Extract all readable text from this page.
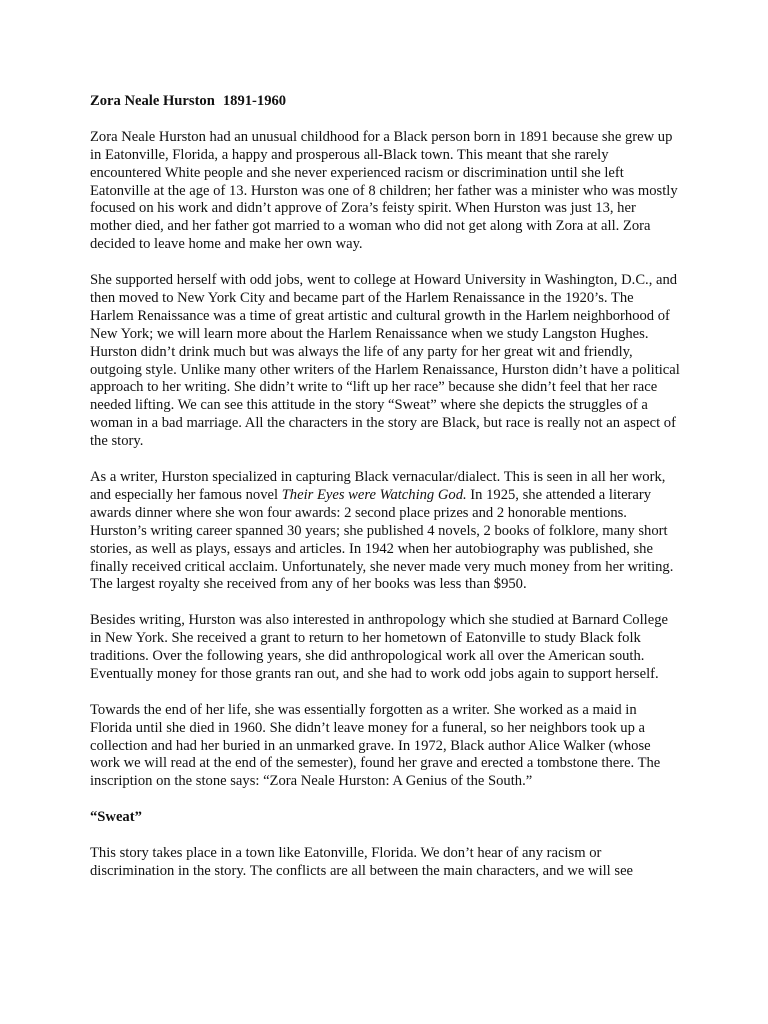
Zora Neale Hurston 1891-1960

Zora Neale Hurston had an unusual childhood for a Black person born in 1891 because she grew up in Eatonville, Florida, a happy and prosperous all-Black town. This meant that she rarely encountered White people and she never experienced racism or discrimination until she left Eatonville at the age of 13. Hurston was one of 8 children; her father was a minister who was mostly focused on his work and didn’t approve of Zora’s feisty spirit. When Hurston was just 13, her mother died, and her father got married to a woman who did not get along with Zora at all. Zora decided to leave home and make her own way.

She supported herself with odd jobs, went to college at Howard University in Washington, D.C., and then moved to New York City and became part of the Harlem Renaissance in the 1920’s. The Harlem Renaissance was a time of great artistic and cultural growth in the Harlem neighborhood of New York; we will learn more about the Harlem Renaissance when we study Langston Hughes. Hurston didn’t drink much but was always the life of any party for her great wit and friendly, outgoing style. Unlike many other writers of the Harlem Renaissance, Hurston didn’t have a political approach to her writing. She didn’t write to “lift up her race” because she didn’t feel that her race needed lifting. We can see this attitude in the story “Sweat” where she depicts the struggles of a woman in a bad marriage. All the characters in the story are Black, but race is really not an aspect of the story.

As a writer, Hurston specialized in capturing Black vernacular/dialect. This is seen in all her work, and especially her famous novel Their Eyes were Watching God. In 1925, she attended a literary awards dinner where she won four awards: 2 second place prizes and 2 honorable mentions. Hurston’s writing career spanned 30 years; she published 4 novels, 2 books of folklore, many short stories, as well as plays, essays and articles. In 1942 when her autobiography was published, she finally received critical acclaim. Unfortunately, she never made very much money from her writing. The largest royalty she received from any of her books was less than $950.

Besides writing, Hurston was also interested in anthropology which she studied at Barnard College in New York. She received a grant to return to her hometown of Eatonville to study Black folk traditions. Over the following years, she did anthropological work all over the American south. Eventually money for those grants ran out, and she had to work odd jobs again to support herself.

Towards the end of her life, she was essentially forgotten as a writer. She worked as a maid in Florida until she died in 1960. She didn’t leave money for a funeral, so her neighbors took up a collection and had her buried in an unmarked grave. In 1972, Black author Alice Walker (whose work we will read at the end of the semester), found her grave and erected a tombstone there. The inscription on the stone says: “Zora Neale Hurston: A Genius of the South.”

“Sweat”

This story takes place in a town like Eatonville, Florida. We don’t hear of any racism or discrimination in the story. The conflicts are all between the main characters, and we will see
